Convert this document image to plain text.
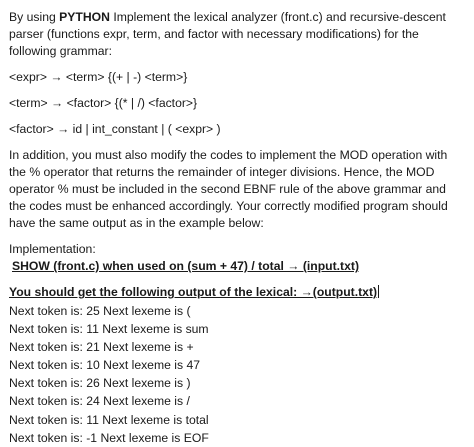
By using PYTHON Implement the lexical analyzer (front.c) and recursive-descent parser (functions expr, term, and factor with necessary modifications) for the following grammar:

<expr> → <term> {(+ | -) <term>}

<term> → <factor> {(* | /) <factor>}

<factor> → id | int_constant | ( <expr> )

In addition, you must also modify the codes to implement the MOD operation with the % operator that returns the remainder of integer divisions. Hence, the MOD operator % must be included in the second EBNF rule of the above grammar and the codes must be enhanced accordingly. Your correctly modified program should have the same output as in the example below:

Implementation:

SHOW (front.c) when used on (sum + 47) / total → (input.txt)

You should get the following output of the lexical: →(output.txt)

Next token is: 25 Next lexeme is (

Next token is: 11 Next lexeme is sum

Next token is: 21 Next lexeme is +

Next token is: 10 Next lexeme is 47

Next token is: 26 Next lexeme is )

Next token is: 24 Next lexeme is /

Next token is: 11 Next lexeme is total

Next token is: -1 Next lexeme is EOF
